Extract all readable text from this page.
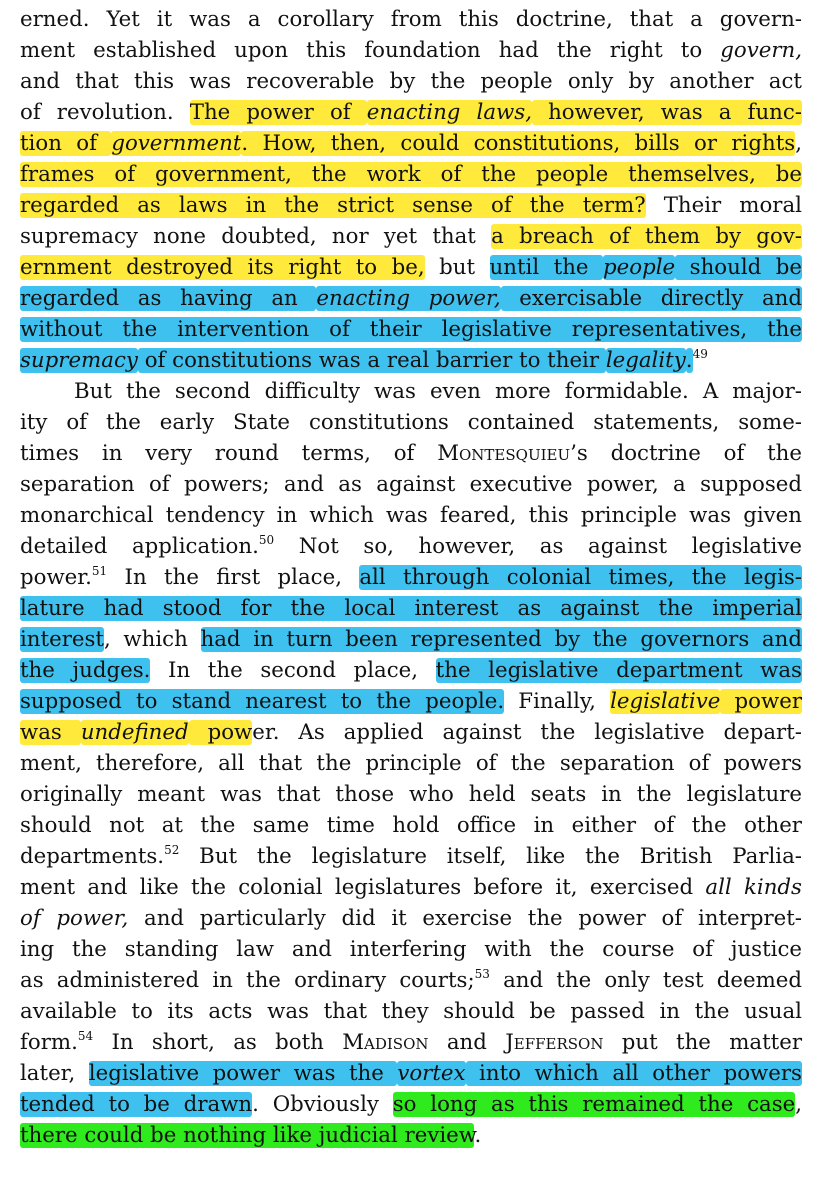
erned. Yet it was a corollary from this doctrine, that a govern-
ment established upon this foundation had the right to govern,
and that this was recoverable by the people only by another act
of revolution. The power of enacting laws, however, was a func-
tion of government. How, then, could constitutions, bills or rights,
frames of government, the work of the people themselves, be
regarded as laws in the strict sense of the term? Their moral
supremacy none doubted, nor yet that a breach of them by gov-
ernment destroyed its right to be, but until the people should be
regarded as having an enacting power, exercisable directly and
without the intervention of their legislative representatives, the
supremacy of constitutions was a real barrier to their legality.$^{49}$
But the second difficulty was even more formidable. A major-
ity of the early State constitutions contained statements, some-
times in very round terms, of Montesquieu’s doctrine of the
separation of powers; and as against executive power, a supposed
monarchical tendency in which was feared, this principle was given
detailed application.$^{50}$ Not so, however, as against legislative
power.$^{51}$ In the first place, all through colonial times, the legis-
lature had stood for the local interest as against the imperial
interest, which had in turn been represented by the governors and
the judges. In the second place, the legislative department was
supposed to stand nearest to the people. Finally, legislative power
was undefined power. As applied against the legislative depart-
ment, therefore, all that the principle of the separation of powers
originally meant was that those who held seats in the legislature
should not at the same time hold office in either of the other
departments.$^{52}$ But the legislature itself, like the British Parlia-
ment and like the colonial legislatures before it, exercised all kinds
of power, and particularly did it exercise the power of interpret-
ing the standing law and interfering with the course of justice
as administered in the ordinary courts;$^{53}$ and the only test deemed
available to its acts was that they should be passed in the usual
form.$^{54}$ In short, as both Madison and Jefferson put the matter
later, legislative power was the vortex into which all other powers
tended to be drawn. Obviously so long as this remained the case,
there could be nothing like judicial review.
